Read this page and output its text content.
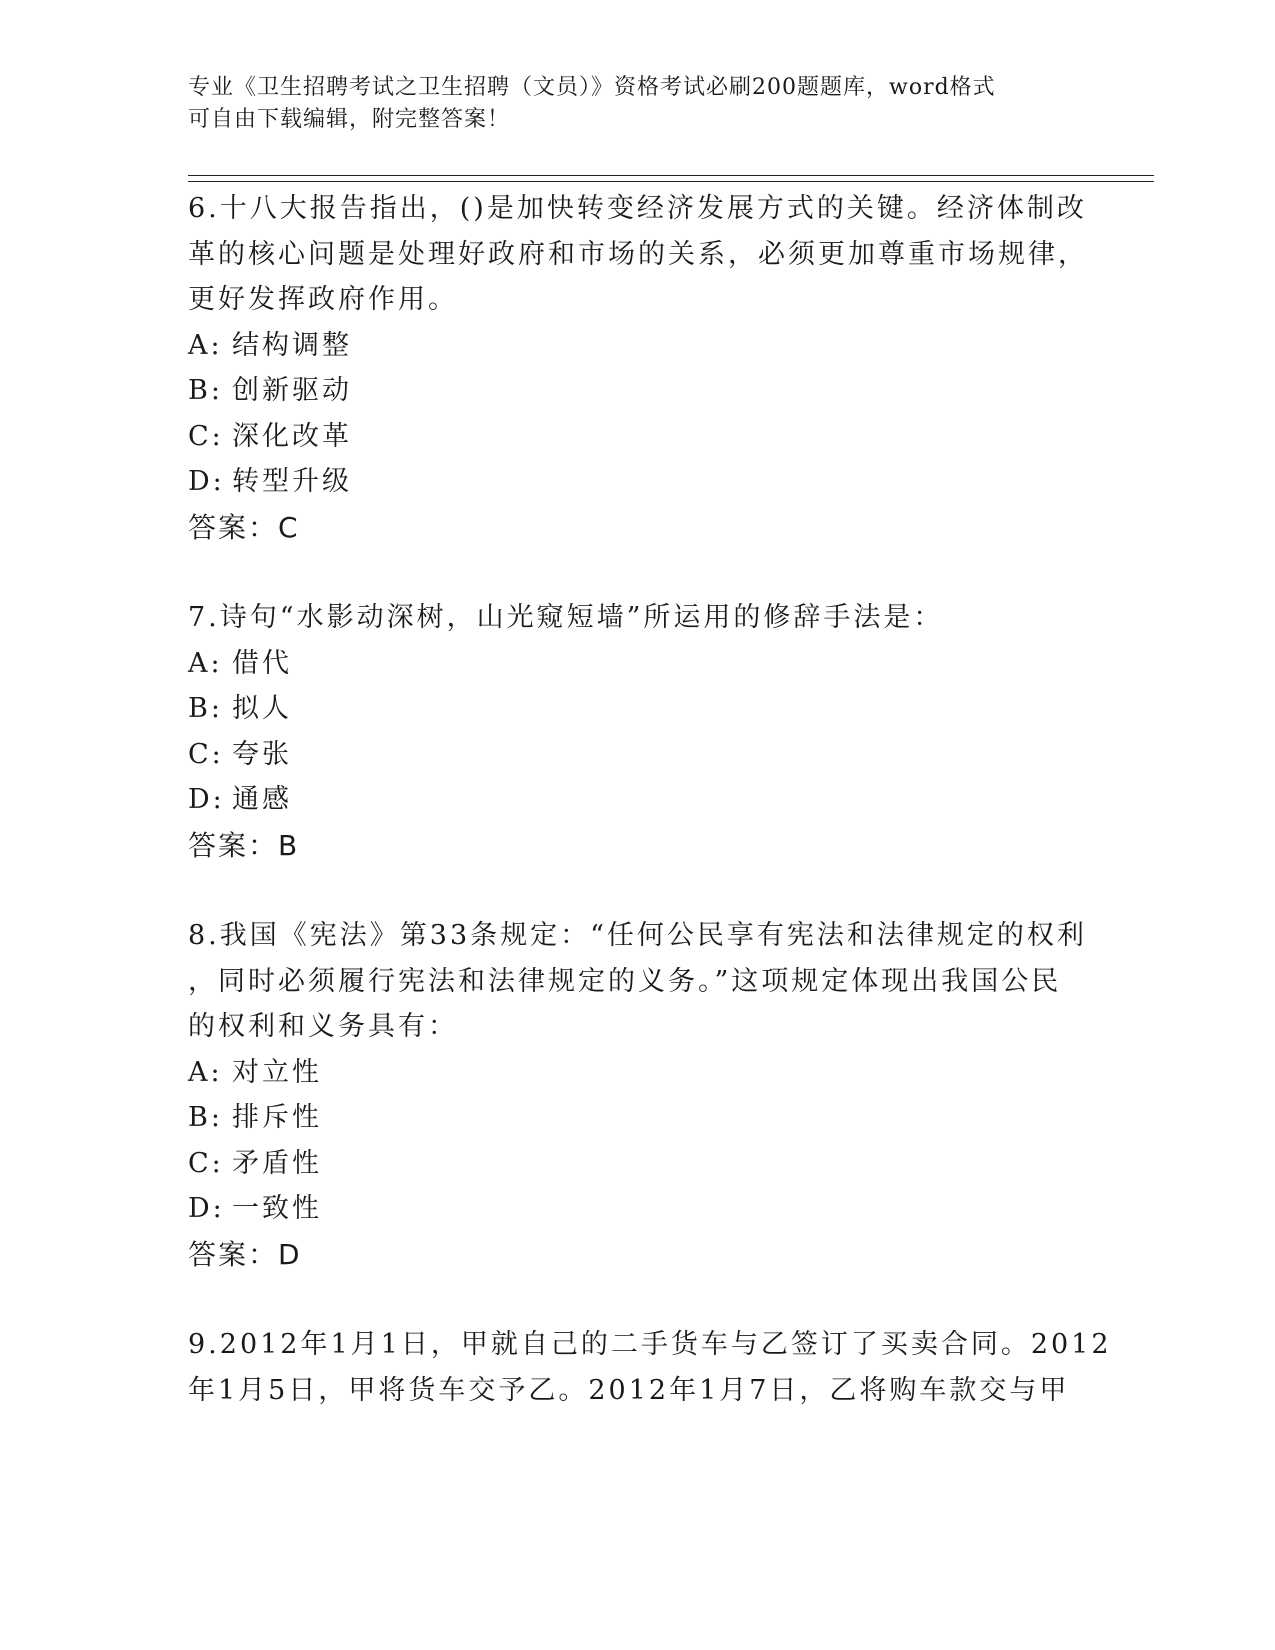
专业《卫生招聘考试之卫生招聘（文员）》资格考试必刷200题题库，word格式
可自由下载编辑，附完整答案！
6.十八大报告指出，()是加快转变经济发展方式的关键。经济体制改
革的核心问题是处理好政府和市场的关系，必须更加尊重市场规律，
更好发挥政府作用。
A: 结构调整
B: 创新驱动
C: 深化改革
D: 转型升级
答案：C
7.诗句“水影动深树，山光窥短墙”所运用的修辞手法是：
A: 借代
B: 拟人
C: 夸张
D: 通感
答案：B
8.我国《宪法》第33条规定：“任何公民享有宪法和法律规定的权利
，同时必须履行宪法和法律规定的义务。”这项规定体现出我国公民
的权利和义务具有：
A: 对立性
B: 排斥性
C: 矛盾性
D: 一致性
答案：D
9.2012年1月1日，甲就自己的二手货车与乙签订了买卖合同。2012
年1月5日，甲将货车交予乙。2012年1月7日，乙将购车款交与甲
